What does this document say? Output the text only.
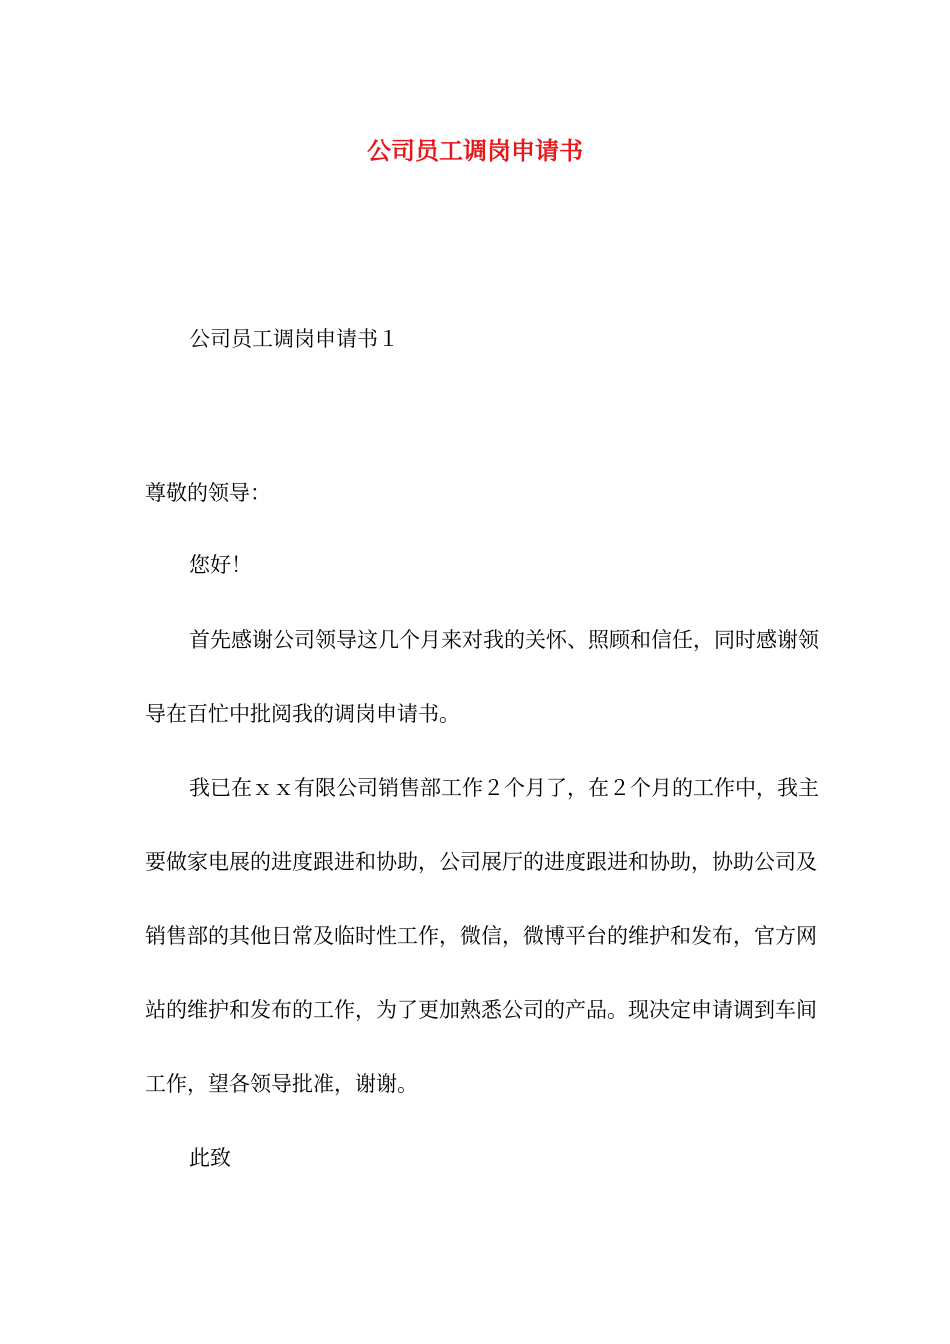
公司员工调岗申请书

公司员工调岗申请书１

尊敬的领导：

您好！

首先感谢公司领导这几个月来对我的关怀、照顾和信任，同时感谢领导在百忙中批阅我的调岗申请书。

我已在ｘｘ有限公司销售部工作２个月了，在２个月的工作中，我主要做家电展的进度跟进和协助，公司展厅的进度跟进和协助，协助公司及销售部的其他日常及临时性工作，微信，微博平台的维护和发布，官方网站的维护和发布的工作，为了更加熟悉公司的产品。现决定申请调到车间工作，望各领导批准，谢谢。

此致
